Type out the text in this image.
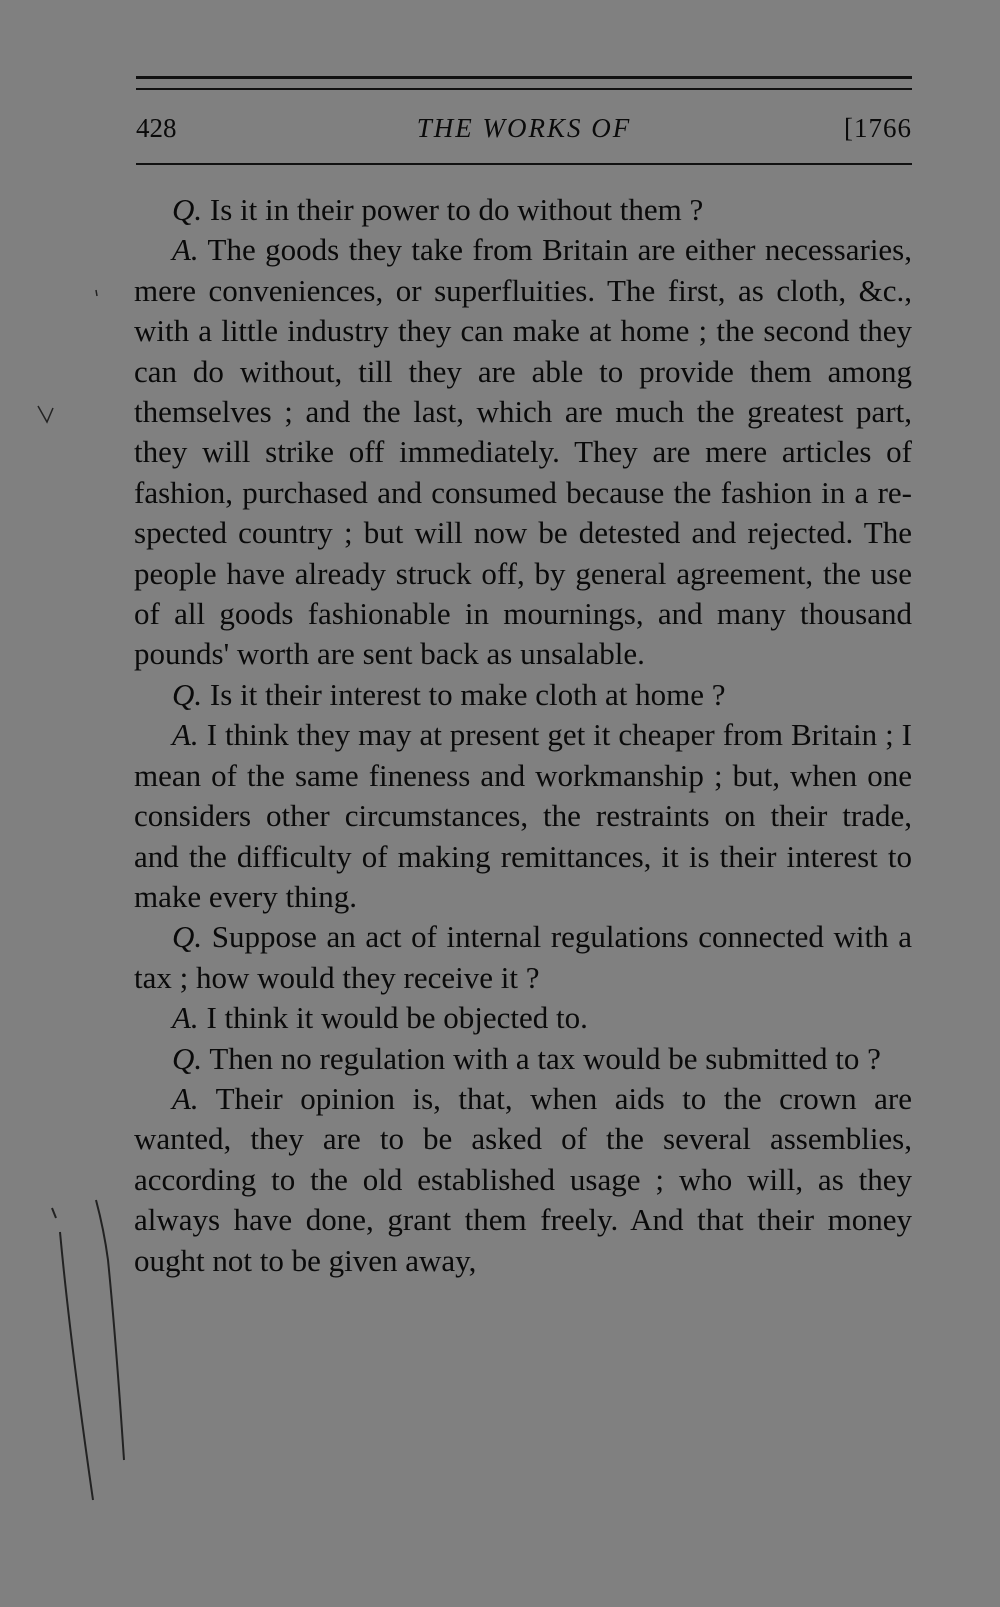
428	THE WORKS OF	[1766

Q. Is it in their power to do without them ?

A. The goods they take from Britain are either necessaries, mere conveniences, or superfluities. The first, as cloth, &c., with a little industry they can make at home ; the second they can do without, till they are able to provide them among themselves ; and the last, which are much the greatest part, they will strike off immediately. They are mere articles of fashion, purchased and consumed because the fashion in a respected country ; but will now be detested and rejected. The people have already struck off, by general agreement, the use of all goods fashionable in mournings, and many thousand pounds' worth are sent back as unsalable.

Q. Is it their interest to make cloth at home ?

A. I think they may at present get it cheaper from Britain ; I mean of the same fineness and workmanship ; but, when one considers other circumstances, the restraints on their trade, and the difficulty of making remittances, it is their interest to make every thing.

Q. Suppose an act of internal regulations connected with a tax ; how would they receive it ?

A. I think it would be objected to.

Q. Then no regulation with a tax would be submitted to ?

A. Their opinion is, that, when aids to the crown are wanted, they are to be asked of the several assemblies, according to the old established usage ; who will, as they always have done, grant them freely. And that their money ought not to be given away,
